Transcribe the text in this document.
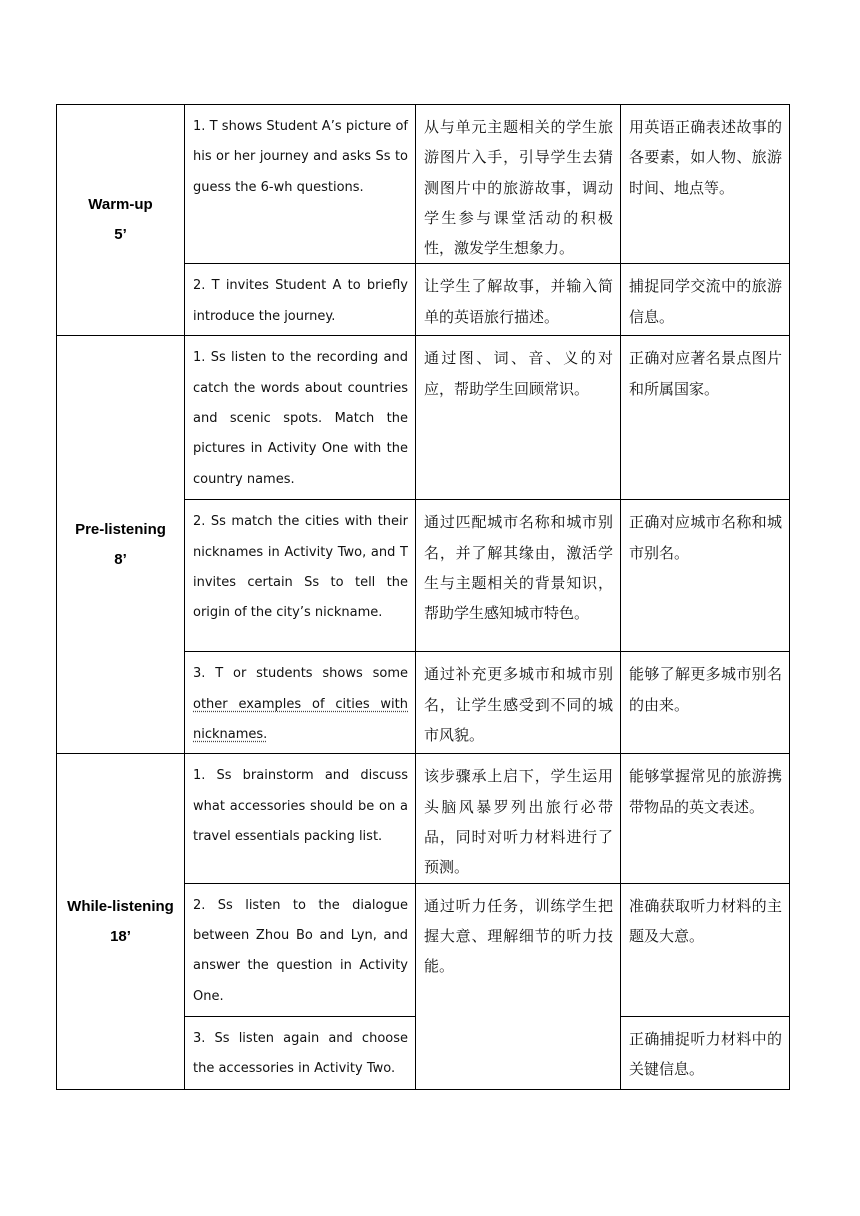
Warm-up
5’	1. T shows Student A’s picture of his or her journey and asks Ss to guess the 6-wh questions.	从与单元主题相关的学生旅游图片入手，引导学生去猜测图片中的旅游故事，调动学生参与课堂活动的积极性，激发学生想象力。	用英语正确表述故事的各要素，如人物、旅游时间、地点等。
	2. T invites Student A to briefly introduce the journey.	让学生了解故事，并输入简单的英语旅行描述。	捕捉同学交流中的旅游信息。

Pre-listening
8’	1. Ss listen to the recording and catch the words about countries and scenic spots. Match the pictures in Activity One with the country names.	通过图、词、音、义的对应，帮助学生回顾常识。	正确对应著名景点图片和所属国家。
	2. Ss match the cities with their nicknames in Activity Two, and T invites certain Ss to tell the origin of the city’s nickname.	通过匹配城市名称和城市别名，并了解其缘由，激活学生与主题相关的背景知识，帮助学生感知城市特色。	正确对应城市名称和城市别名。
	3. T or students shows some other examples of cities with nicknames.	通过补充更多城市和城市别名，让学生感受到不同的城市风貌。	能够了解更多城市别名的由来。

While-listening
18’	1. Ss brainstorm and discuss what accessories should be on a travel essentials packing list.	该步骤承上启下，学生运用头脑风暴罗列出旅行必带品，同时对听力材料进行了预测。	能够掌握常见的旅游携带物品的英文表述。
	2. Ss listen to the dialogue between Zhou Bo and Lyn, and answer the question in Activity One.	通过听力任务，训练学生把握大意、理解细节的听力技能。	准确获取听力材料的主题及大意。
	3. Ss listen again and choose the accessories in Activity Two.		正确捕捉听力材料中的关键信息。
